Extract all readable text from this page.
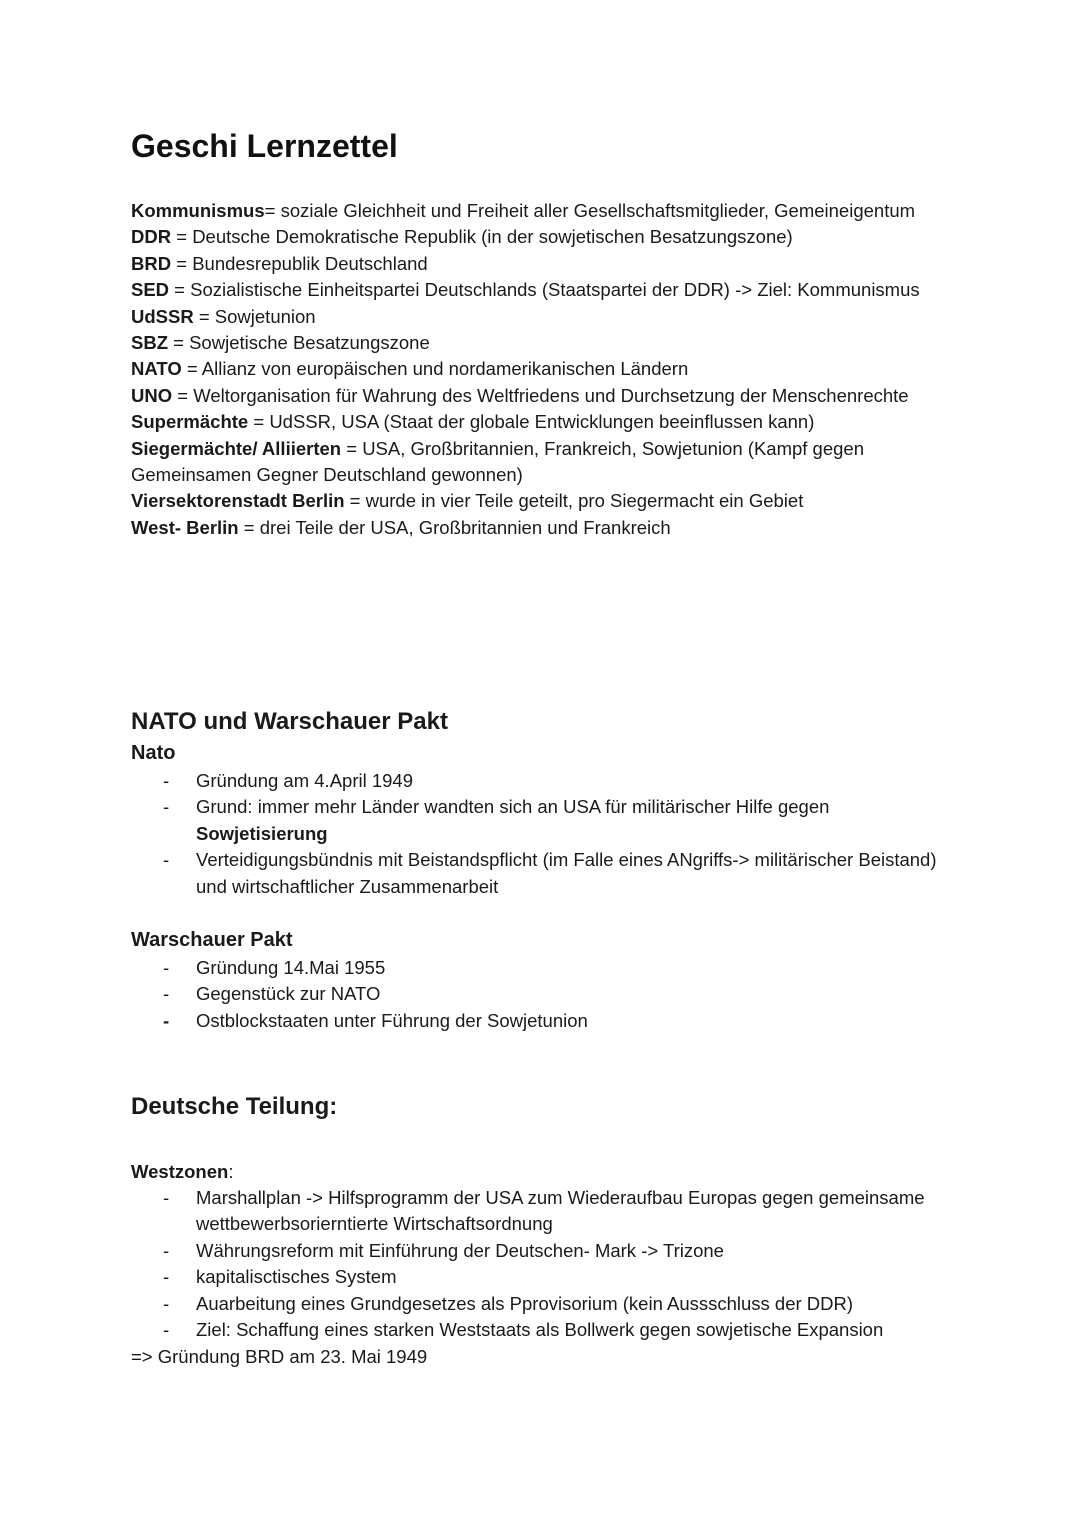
Geschi Lernzettel

Kommunismus= soziale Gleichheit und Freiheit aller Gesellschaftsmitglieder, Gemeineigentum

DDR = Deutsche Demokratische Republik (in der sowjetischen Besatzungszone)

BRD = Bundesrepublik Deutschland

SED = Sozialistische Einheitspartei Deutschlands (Staatspartei der DDR) -> Ziel: Kommunismus

UdSSR = Sowjetunion

SBZ = Sowjetische Besatzungszone

NATO = Allianz von europäischen und nordamerikanischen Ländern

UNO = Weltorganisation für Wahrung des Weltfriedens und Durchsetzung der Menschenrechte

Supermächte = UdSSR, USA (Staat der globale Entwicklungen beeinflussen kann)

Siegermächte/ Alliierten = USA, Großbritannien, Frankreich, Sowjetunion (Kampf gegen Gemeinsamen Gegner Deutschland gewonnen)

Viersektorenstadt Berlin = wurde in vier Teile geteilt, pro Siegermacht ein Gebiet

West- Berlin = drei Teile der USA, Großbritannien und Frankreich

NATO und Warschauer Pakt
Nato
- Gründung am 4.April 1949
- Grund: immer mehr Länder wandten sich an USA für militärischer Hilfe gegen Sowjetisierung
- Verteidigungsbündnis mit Beistandspflicht (im Falle eines ANgriffs-> militärischer Beistand) und wirtschaftlicher Zusammenarbeit
Warschauer Pakt
- Gründung 14.Mai 1955
- Gegenstück zur NATO
- Ostblockstaaten unter Führung der Sowjetunion
Deutsche Teilung:

Westzonen:

- Marshallplan -> Hilfsprogramm der USA zum Wiederaufbau Europas gegen gemeinsame wettbewerbsorierntierte Wirtschaftsordnung
- Währungsreform mit Einführung der Deutschen- Mark -> Trizone
- kapitalisctisches System
- Auarbeitung eines Grundgesetzes als Pprovisorium (kein Aussschluss der DDR)
- Ziel: Schaffung eines starken Weststaats als Bollwerk gegen sowjetische Expansion

=> Gründung BRD am 23. Mai 1949
